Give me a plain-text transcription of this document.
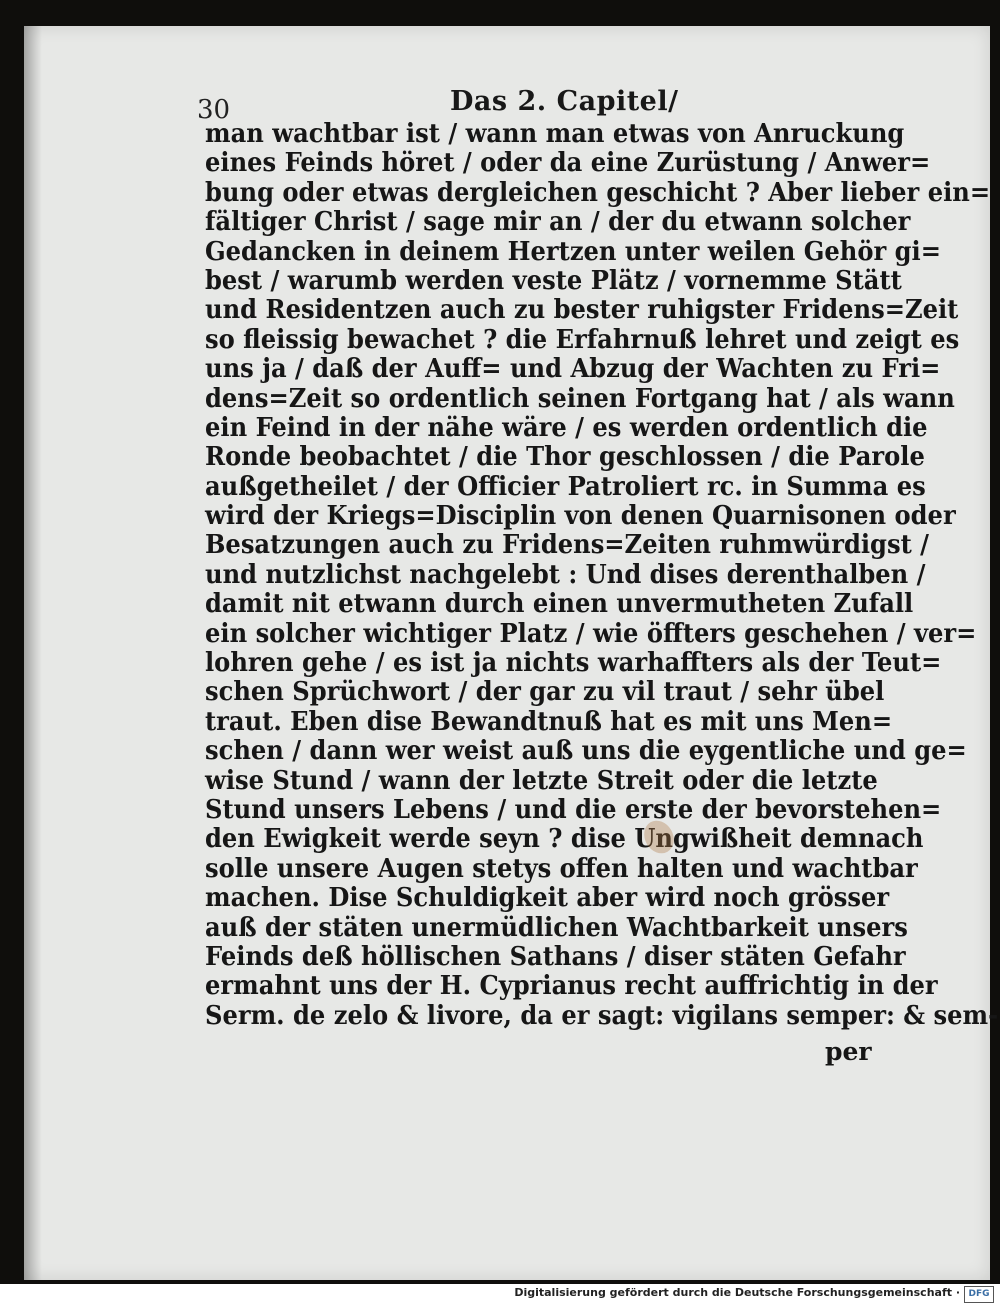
30	Das 2. Capitel/
man wachtbar ist / wann man etwas von Anruckung
eines Feinds höret / oder da eine Zurüstung / Anwer=
bung oder etwas dergleichen geschicht ? Aber lieber ein=
fältiger Christ / sage mir an / der du etwann solcher
Gedancken in deinem Hertzen unter weilen Gehör gi=
best / warumb werden veste Plätz / vornemme Stätt
und Residentzen auch zu bester ruhigster Fridens=Zeit
so fleissig bewachet ? die Erfahrnuß lehret und zeigt es
uns ja / daß der Auff= und Abzug der Wachten zu Fri=
dens=Zeit so ordentlich seinen Fortgang hat / als wann
ein Feind in der nähe wäre / es werden ordentlich die
Ronde beobachtet / die Thor geschlossen / die Parole
außgetheilet / der Officier Patroliert rc. in Summa es
wird der Kriegs=Disciplin von denen Quarnisonen oder
Besatzungen auch zu Fridens=Zeiten ruhmwürdigst /
und nutzlichst nachgelebt : Und dises derenthalben /
damit nit etwann durch einen unvermutheten Zufall
ein solcher wichtiger Platz / wie öffters geschehen / ver=
lohren gehe / es ist ja nichts warhaffters als der Teut=
schen Sprüchwort / der gar zu vil traut / sehr übel
traut. Eben dise Bewandtnuß hat es mit uns Men=
schen / dann wer weist auß uns die eygentliche und ge=
wise Stund / wann der letzte Streit oder die letzte
Stund unsers Lebens / und die erste der bevorstehen=
den Ewigkeit werde seyn ? dise Ungwißheit demnach
solle unsere Augen stetys offen halten und wachtbar
machen. Dise Schuldigkeit aber wird noch grösser
auß der stäten unermüdlichen Wachtbarkeit unsers
Feinds deß höllischen Sathans / diser stäten Gefahr
ermahnt uns der H. Cyprianus recht auffrichtig in der
Serm. de zelo & livore, da er sagt: vigilans semper: & sem-
per
Digitalisierung gefördert durch die Deutsche Forschungsgemeinschaft · DFG
